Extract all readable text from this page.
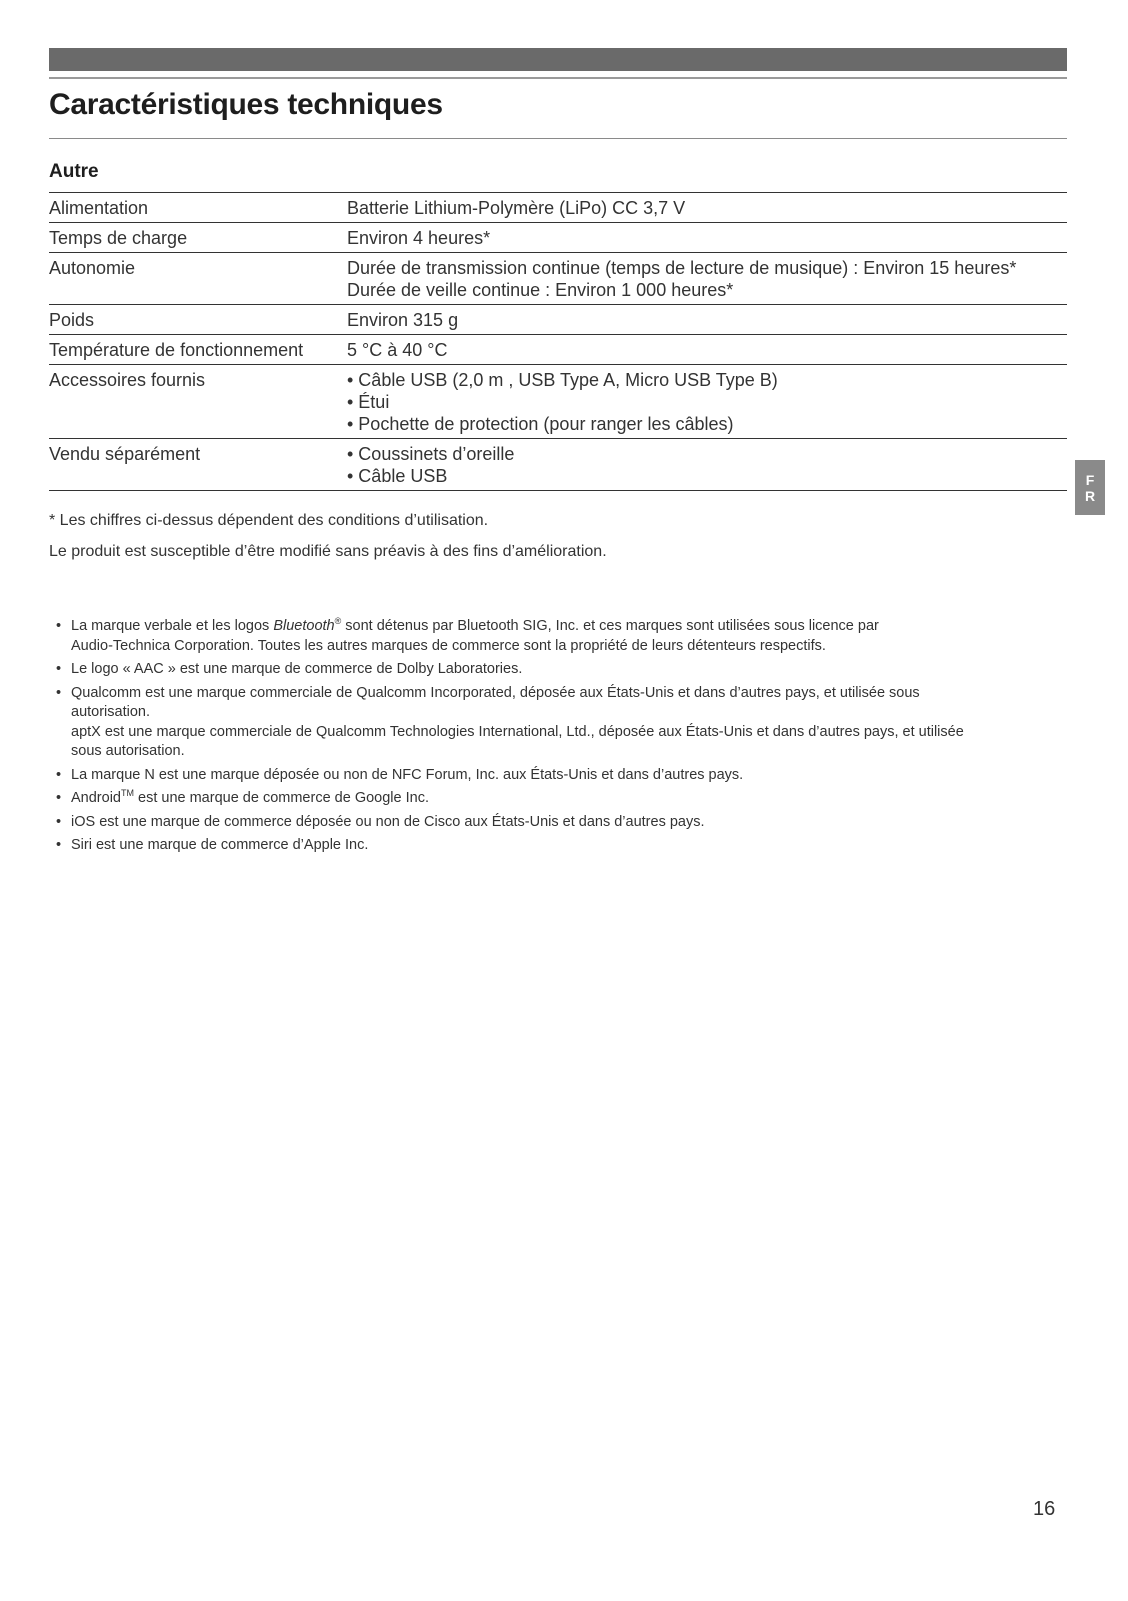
Caractéristiques techniques
Autre
Alimentation	Batterie Lithium-Polymère (LiPo) CC 3,7 V
Temps de charge	Environ 4 heures*
Autonomie	Durée de transmission continue (temps de lecture de musique) : Environ 15 heures*
Durée de veille continue : Environ 1 000 heures*
Poids	Environ 315 g
Température de fonctionnement	5 °C à 40 °C
Accessoires fournis	• Câble USB (2,0 m , USB Type A, Micro USB Type B)
• Étui
• Pochette de protection (pour ranger les câbles)
Vendu séparément	• Coussinets d’oreille
• Câble USB

* Les chiffres ci-dessus dépendent des conditions d’utilisation.

Le produit est susceptible d’être modifié sans préavis à des fins d’amélioration.

• La marque verbale et les logos Bluetooth® sont détenus par Bluetooth SIG, Inc. et ces marques sont utilisées sous licence par
Audio-Technica Corporation. Toutes les autres marques de commerce sont la propriété de leurs détenteurs respectifs.
• Le logo « AAC » est une marque de commerce de Dolby Laboratories.
• Qualcomm est une marque commerciale de Qualcomm Incorporated, déposée aux États-Unis et dans d’autres pays, et utilisée sous
autorisation.
aptX est une marque commerciale de Qualcomm Technologies International, Ltd., déposée aux États-Unis et dans d’autres pays, et utilisée
sous autorisation.
• La marque N est une marque déposée ou non de NFC Forum, Inc. aux États-Unis et dans d’autres pays.
• Android™ est une marque de commerce de Google Inc.
• iOS est une marque de commerce déposée ou non de Cisco aux États-Unis et dans d’autres pays.
• Siri est une marque de commerce d’Apple Inc.
F
R
16
